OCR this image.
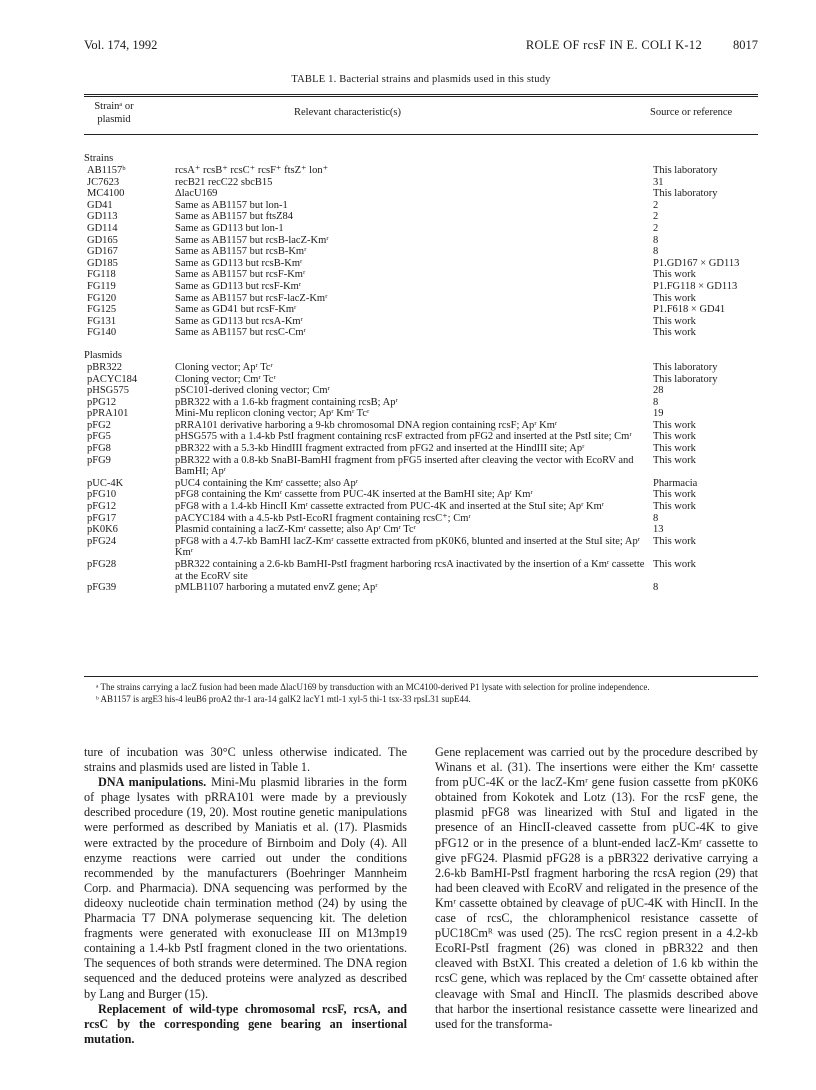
Vol. 174, 1992	ROLE OF rcsF IN E. COLI K-12 8017
TABLE 1. Bacterial strains and plasmids used in this study
Strainᵃ or plasmid
Relevant characteristic(s)	Source or reference
Strains
AB1157ᵇ	rcsA⁺ rcsB⁺ rcsC⁺ rcsF⁺ ftsZ⁺ lon⁺	This laboratory
JC7623	recB21 recC22 sbcB15	31
MC4100	ΔlacU169	This laboratory
GD41	Same as AB1157 but lon-1	2
GD113	Same as AB1157 but ftsZ84	2
GD114	Same as GD113 but lon-1	2
GD165	Same as AB1157 but rcsB-lacZ-Kmʳ	8
GD167	Same as AB1157 but rcsB-Kmʳ	8
GD185	Same as GD113 but rcsB-Kmʳ	P1.GD167 × GD113
FG118	Same as AB1157 but rcsF-Kmʳ	This work
FG119	Same as GD113 but rcsF-Kmʳ	P1.FG118 × GD113
FG120	Same as AB1157 but rcsF-lacZ-Kmʳ	This work
FG125	Same as GD41 but rcsF-Kmʳ	P1.F618 × GD41
FG131	Same as GD113 but rcsA-Kmʳ	This work
FG140	Same as AB1157 but rcsC-Cmʳ	This work
Plasmids
pBR322	Cloning vector; Apʳ Tcʳ	This laboratory
pACYC184	Cloning vector; Cmʳ Tcʳ	This laboratory
pHSG575	pSC101-derived cloning vector; Cmʳ	28
pPG12	pBR322 with a 1.6-kb fragment containing rcsB; Apʳ	8
pPRA101	Mini-Mu replicon cloning vector; Apʳ Kmʳ Tcʳ	19
pFG2	pRRA101 derivative harboring a 9-kb chromosomal DNA region containing rcsF; Apʳ Kmʳ	This work
pFG5	pHSG575 with a 1.4-kb PstI fragment containing rcsF extracted from pFG2 and inserted at the PstI site; Cmʳ	This work
pFG8	pBR322 with a 5.3-kb HindIII fragment extracted from pFG2 and inserted at the HindIII site; Apʳ	This work
pFG9	pBR322 with a 0.8-kb SnaBI-BamHI fragment from pFG5 inserted after cleaving the vector with EcoRV and BamHI; Apʳ
This work
pUC-4K	pUC4 containing the Kmʳ cassette; also Apʳ	Pharmacia
pFG10	pFG8 containing the Kmʳ cassette from PUC-4K inserted at the BamHI site; Apʳ Kmʳ	This work
pFG12	pFG8 with a 1.4-kb HincII Kmʳ cassette extracted from PUC-4K and inserted at the StuI site; Apʳ Kmʳ	This work
pFG17	pACYC184 with a 4.5-kb PstI-EcoRI fragment containing rcsC⁺; Cmʳ	8
pK0K6	Plasmid containing a lacZ-Kmʳ cassette; also Apʳ Cmʳ Tcʳ	13
pFG24	pFG8 with a 4.7-kb BamHI lacZ-Kmʳ cassette extracted from pK0K6, blunted and inserted at the StuI site; Apʳ Kmʳ
This work
pFG28	pBR322 containing a 2.6-kb BamHI-PstI fragment harboring rcsA inactivated by the insertion of a Kmʳ cassette at the EcoRV site
This work
pFG39	pMLB1107 harboring a mutated envZ gene; Apʳ	8
ᵃ The strains carrying a lacZ fusion had been made ΔlacU169 by transduction with an MC4100-derived P1 lysate with selection for proline independence.
ᵇ AB1157 is argE3 his-4 leuB6 proA2 thr-1 ara-14 galK2 lacY1 mtl-1 xyl-5 thi-1 tsx-33 rpsL31 supE44.

ture of incubation was 30°C unless otherwise indicated. The strains and plasmids used are listed in Table 1.

DNA manipulations. Mini-Mu plasmid libraries in the form of phage lysates with pRRA101 were made by a previously described procedure (19, 20). Most routine genetic manipulations were performed as described by Maniatis et al. (17). Plasmids were extracted by the procedure of Birnboim and Doly (4). All enzyme reactions were carried out under the conditions recommended by the manufacturers (Boehringer Mannheim Corp. and Pharmacia). DNA sequencing was performed by the dideoxy nucleotide chain termination method (24) by using the Pharmacia T7 DNA polymerase sequencing kit. The deletion fragments were generated with exonuclease III on M13mp19 containing a 1.4-kb PstI fragment cloned in the two orientations. The sequences of both strands were determined. The DNA region sequenced and the deduced proteins were analyzed as described by Lang and Burger (15).

Replacement of wild-type chromosomal rcsF, rcsA, and rcsC by the corresponding gene bearing an insertional mutation.

Gene replacement was carried out by the procedure described by Winans et al. (31). The insertions were either the Kmʳ cassette from pUC-4K or the lacZ-Kmʳ gene fusion cassette from pK0K6 obtained from Kokotek and Lotz (13). For the rcsF gene, the plasmid pFG8 was linearized with StuI and ligated in the presence of an HincII-cleaved cassette from pUC-4K to give pFG12 or in the presence of a blunt-ended lacZ-Kmʳ cassette to give pFG24. Plasmid pFG28 is a pBR322 derivative carrying a 2.6-kb BamHI-PstI fragment harboring the rcsA region (29) that had been cleaved with EcoRV and religated in the presence of the Kmʳ cassette obtained by cleavage of pUC-4K with HincII. In the case of rcsC, the chloramphenicol resistance cassette of pUC18Cmᴿ was used (25). The rcsC region present in a 4.2-kb EcoRI-PstI fragment (26) was cloned in pBR322 and then cleaved with BstXI. This created a deletion of 1.6 kb within the rcsC gene, which was replaced by the Cmʳ cassette obtained after cleavage with SmaI and HincII. The plasmids described above that harbor the insertional resistance cassette were linearized and used for the transforma-
